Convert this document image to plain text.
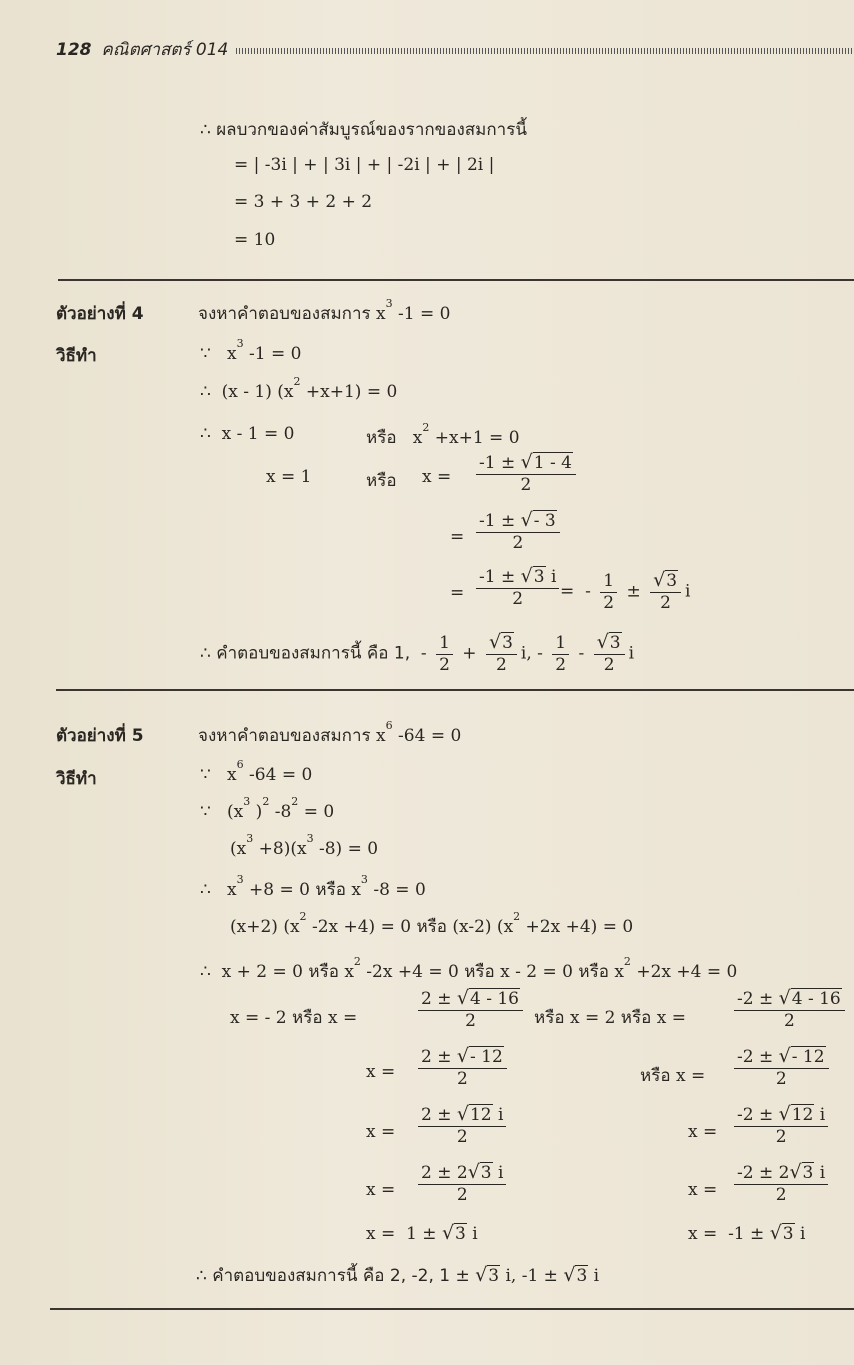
128 คณิตศาสตร์ 014
∴ ผลบวกของค่าสัมบูรณ์ของรากของสมการนี้
= | -3i | + | 3i | + | -2i | + | 2i |
= 3 + 3 + 2 + 2
= 10
ตัวอย่างที่ 4
วิธีทำ
จงหาคำตอบของสมการ $x^3$ -1 = 0
∵ $x^3$ -1 = 0
∴ (x - 1) $(x^2 +x+1) = 0$
∴ x - 1 = 0	หรือ $x^2 +x+1 = 0$
x = 1	หรือ $x = \frac{-1 \pm √1 - 4}{2}$
= $\frac{-1 \pm √- 3}{2}$
= $\frac{-1 \pm √3 i}{2}$ = - $\frac{1}{2} \pm \frac{√3}{2}$ i
∴ คำตอบของสมการนี้ คือ 1, - $\frac{1}{2} + \frac{√3}{2} i$, - $\frac{1}{2} - \frac{√3}{2}$ i
ตัวอย่างที่ 5
วิธีทำ
จงหาคำตอบของสมการ $x^6$ -64 = 0
∵ $x^6$ -64 = 0
∵ ($x^3$ )$^2$ $-8^2 = 0$
$(x^3 +8)(x^3$ -8) = 0
∴ $x^3 +8 = 0$ หรือ $x^3$ -8 = 0
(x+2) ($x^2$ -2x +4) = 0 หรือ (x-2) $(x^2 +2x +4) = 0$
∴ x + 2 = 0 หรือ $x^2$ -2x +4 = 0 หรือ x - 2 = 0 หรือ $x^2 +2x +4 = 0$
x = - 2 หรือ x =	$\frac{2 \pm √4 - 16}{2}$ หรือ x = 2 หรือ x =	$\frac{-2 \pm √4 - 16}{2}$
$x = \frac{2 \pm √- 12}{2}$	หรือ $x = \frac{-2 \pm √- 12}{2}$
$x = \frac{2 \pm √12 i}{2}$	$x = \frac{-2 \pm √12 i}{2}$
$x = \frac{2 \pm 2√3 i}{2}$	$x = \frac{-2 \pm 2√3 i}{2}$
x = 1 ± √3 i	x = -1 ± √3 i
∴ คำตอบของสมการนี้ คือ 2, -2, 1 ± √3 i, -1 ± √3 i
